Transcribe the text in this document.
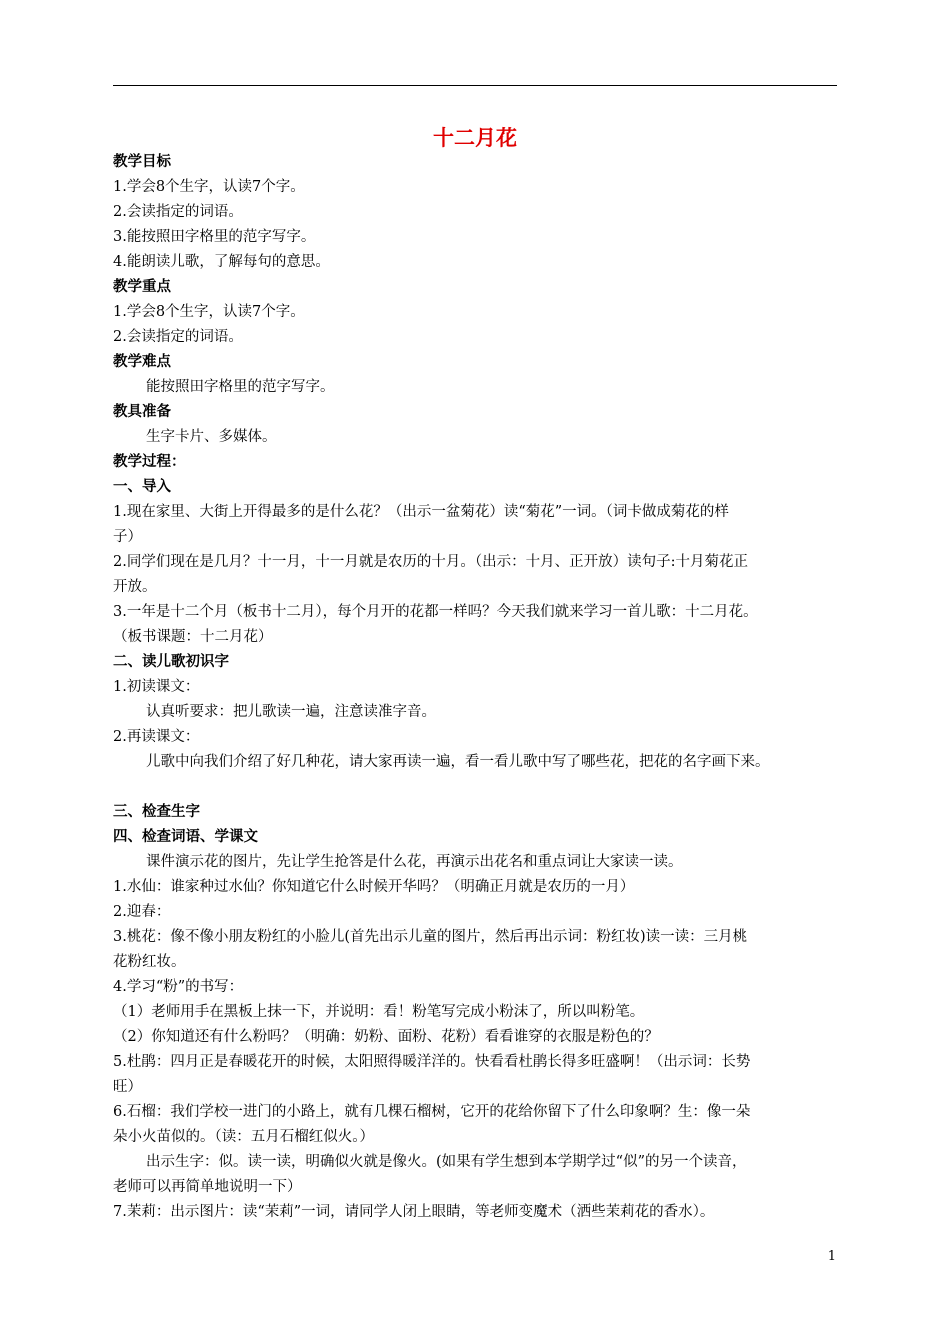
十二月花

教学目标

1.学会8个生字，认读7个字。

2.会读指定的词语。

3.能按照田字格里的范字写字。

4.能朗读儿歌，了解每句的意思。

教学重点

1.学会8个生字，认读7个字。

2.会读指定的词语。

教学难点

能按照田字格里的范字写字。

教具准备

生字卡片、多媒体。

教学过程：

一、导入

1.现在家里、大街上开得最多的是什么花？（出示一盆菊花）读“菊花”一词。（词卡做成菊花的样

子）

2.同学们现在是几月？十一月，十一月就是农历的十月。（出示：十月、正开放）读句子:十月菊花正

开放。

3.一年是十二个月（板书十二月），每个月开的花都一样吗？今天我们就来学习一首儿歌：十二月花。

（板书课题：十二月花）

二、读儿歌初识字

1.初读课文：

认真听要求：把儿歌读一遍，注意读准字音。

2.再读课文：

儿歌中向我们介绍了好几种花，请大家再读一遍，看一看儿歌中写了哪些花，把花的名字画下来。

三、检查生字

四、检查词语、学课文

课件演示花的图片，先让学生抢答是什么花，再演示出花名和重点词让大家读一读。

1.水仙：谁家种过水仙？你知道它什么时候开华吗？（明确正月就是农历的一月）

2.迎春：

3.桃花：像不像小朋友粉红的小脸儿(首先出示儿童的图片，然后再出示词：粉红妆)读一读：三月桃

花粉红妆。

4.学习“粉”的书写：

（1）老师用手在黑板上抹一下，并说明：看！粉笔写完成小粉沫了，所以叫粉笔。

（2）你知道还有什么粉吗？（明确：奶粉、面粉、花粉）看看谁穿的衣服是粉色的？

5.杜鹃：四月正是春暖花开的时候，太阳照得暖洋洋的。快看看杜鹃长得多旺盛啊！（出示词：长势

旺）

6.石榴：我们学校一进门的小路上，就有几棵石榴树，它开的花给你留下了什么印象啊？生：像一朵

朵小火苗似的。（读：五月石榴红似火。）

出示生字：似。读一读，明确似火就是像火。(如果有学生想到本学期学过“似”的另一个读音，

老师可以再简单地说明一下）

7.茉莉：出示图片：读“茉莉”一词，请同学人闭上眼睛，等老师变魔术（洒些茉莉花的香水）。

1
